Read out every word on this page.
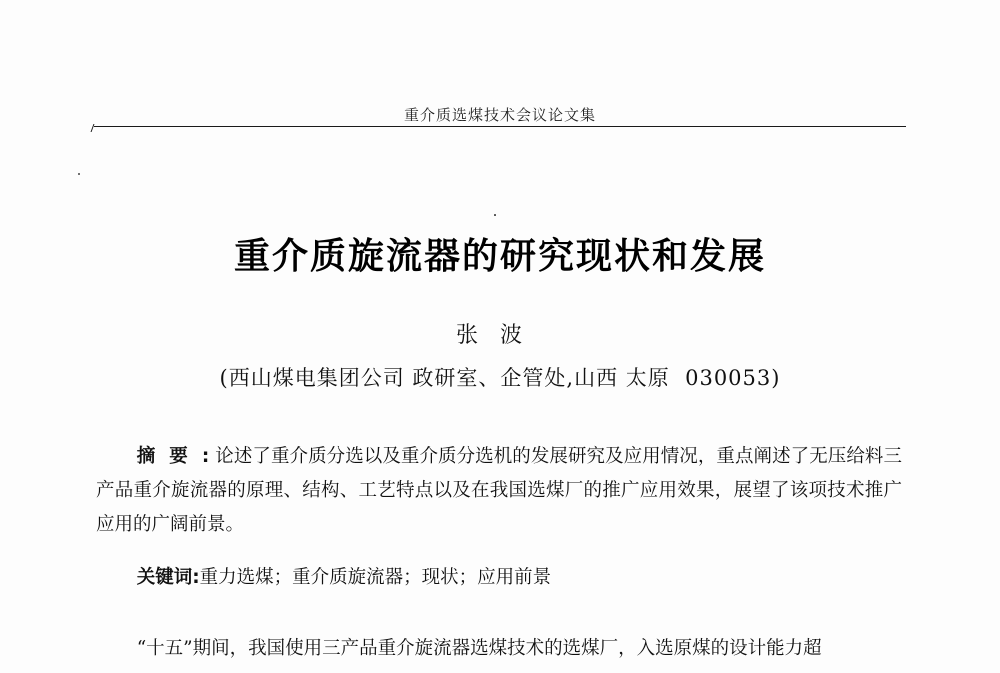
重介质选煤技术会议论文集
重介质旋流器的研究现状和发展
张波
(西山煤电集团公司 政研室、企管处,山西 太原  030053)

摘要: 论述了重介质分选以及重介质分选机的发展研究及应用情况，重点阐述了无压给料三产品重介旋流器的原理、结构、工艺特点以及在我国选煤厂的推广应用效果，展望了该项技术推广应用的广阔前景。

关键词:重力选煤；重介质旋流器；现状；应用前景

“十五”期间，我国使用三产品重介旋流器选煤技术的选煤厂，入选原煤的设计能力超
